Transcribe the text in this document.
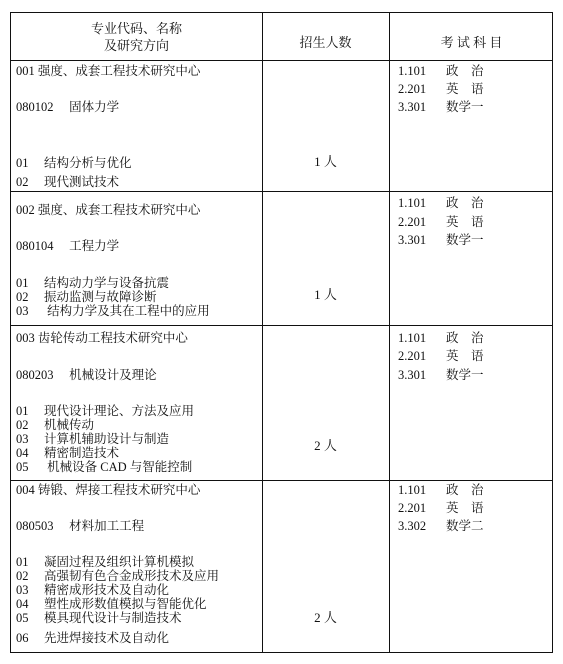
专业代码、名称
及研究方向	招生人数	考 试 科 目
001 强度、成套工程技术研究中心
080102　 固体力学
01 结构分析与优化
02 现代测试技术
1 人
1.101 政　治
2.201 英　语
3.301 数学一
002 强度、成套工程技术研究中心
080104　 工程力学
01 结构动力学与设备抗震
02 振动监测与故障诊断
03 结构力学及其在工程中的应用
1 人
1.101 政　治
2.201 英　语
3.301 数学一
003 齿轮传动工程技术研究中心
080203　 机械设计及理论
01 现代设计理论、方法及应用
02 机械传动
03 计算机辅助设计与制造
04 精密制造技术
05 机械设备 CAD 与智能控制
2 人
1.101 政　治
2.201 英　语
3.301 数学一
004 铸锻、焊接工程技术研究中心
080503　 材料加工工程
01 凝固过程及组织计算机模拟
02 高强韧有色合金成形技术及应用
03 精密成形技术及自动化
04 塑性成形数值模拟与智能优化
05 模具现代设计与制造技术
06 先进焊接技术及自动化
2 人
1.101 政　治
2.201 英　语
3.302 数学二
